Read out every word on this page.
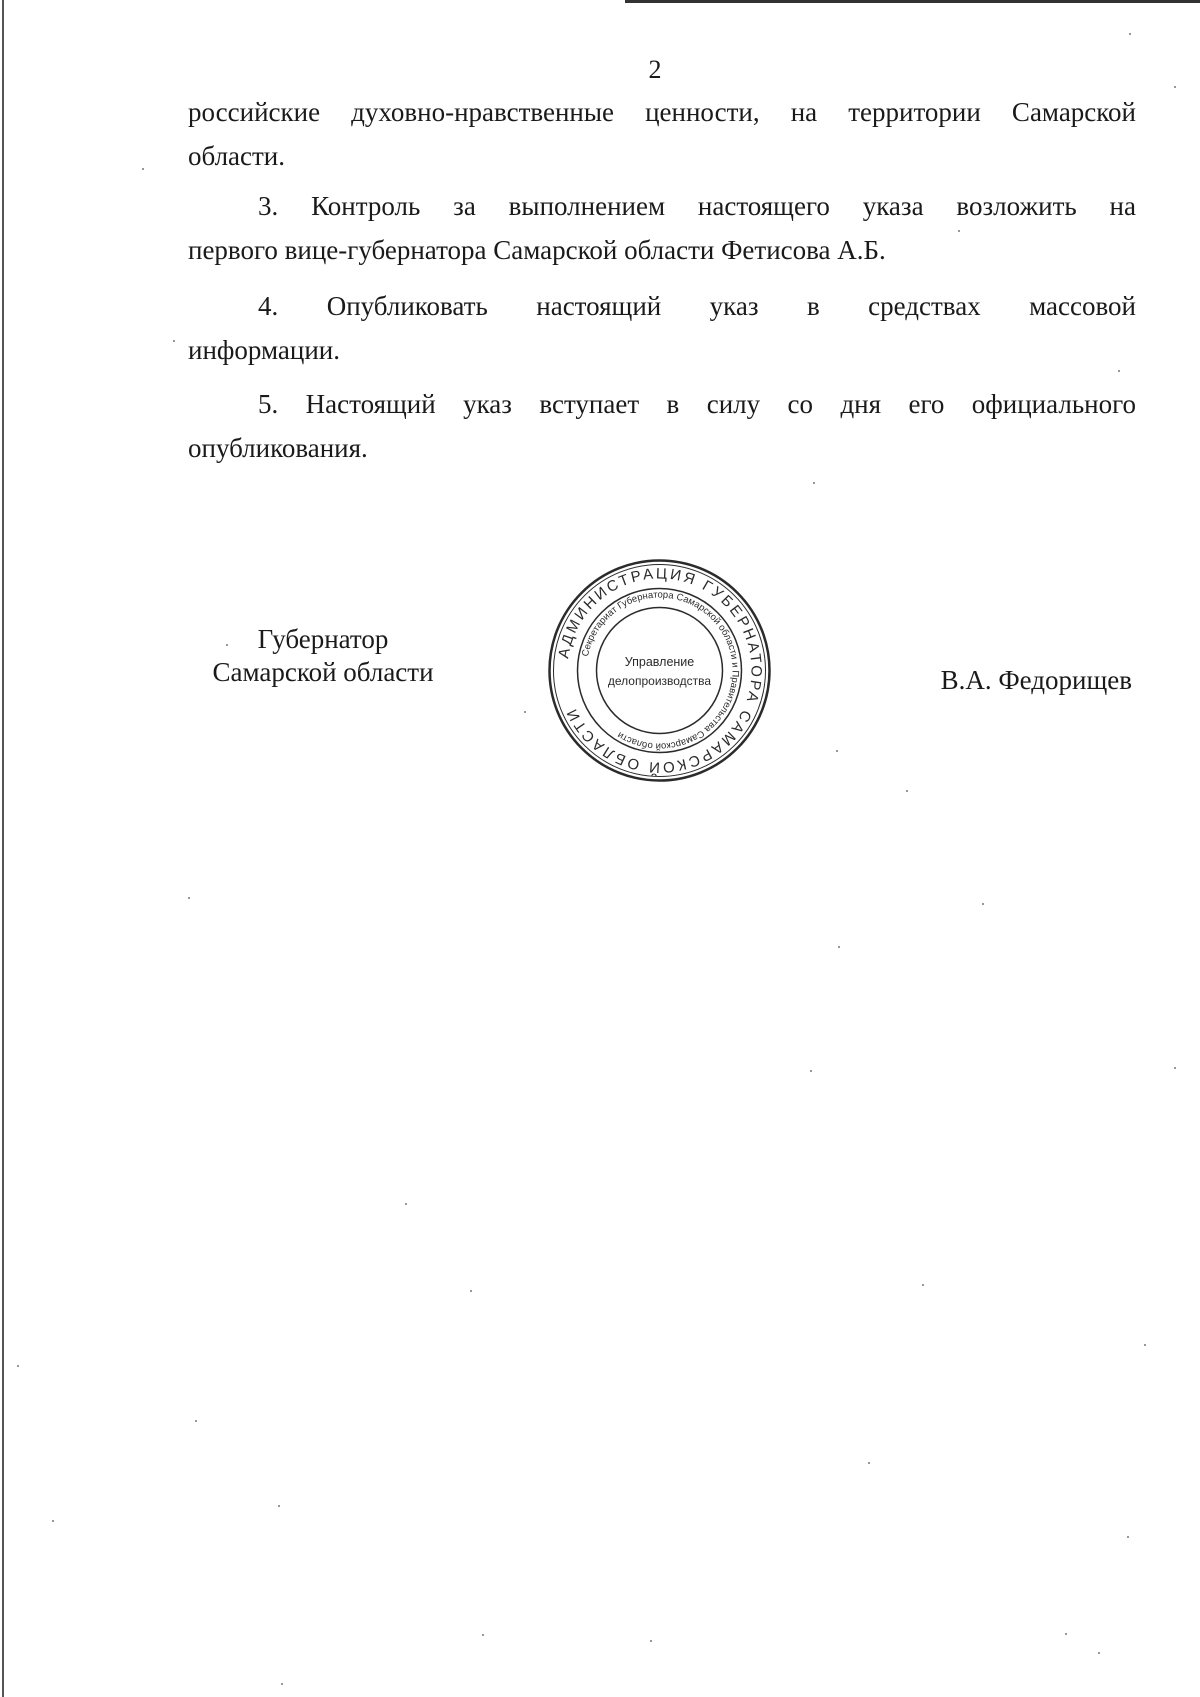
2
российские духовно-нравственные ценности, на территории Самарской
области.
3. Контроль за выполнением настоящего указа возложить на
первого вице-губернатора Самарской области Фетисова А.Б.
4. Опубликовать настоящий указ в средствах массовой
информации.
5. Настоящий указ вступает в силу со дня его официального
опубликования.
Губернатор
Самарской области
АДМИНИСТРАЦИЯ ГУБЕРНАТОРА САМАРСКОЙ ОБЛАСТИ
Секретариат Губернатора Самарской области и Правительства Самарской области
Управление
делопроизводства	В.А. Федорищев
